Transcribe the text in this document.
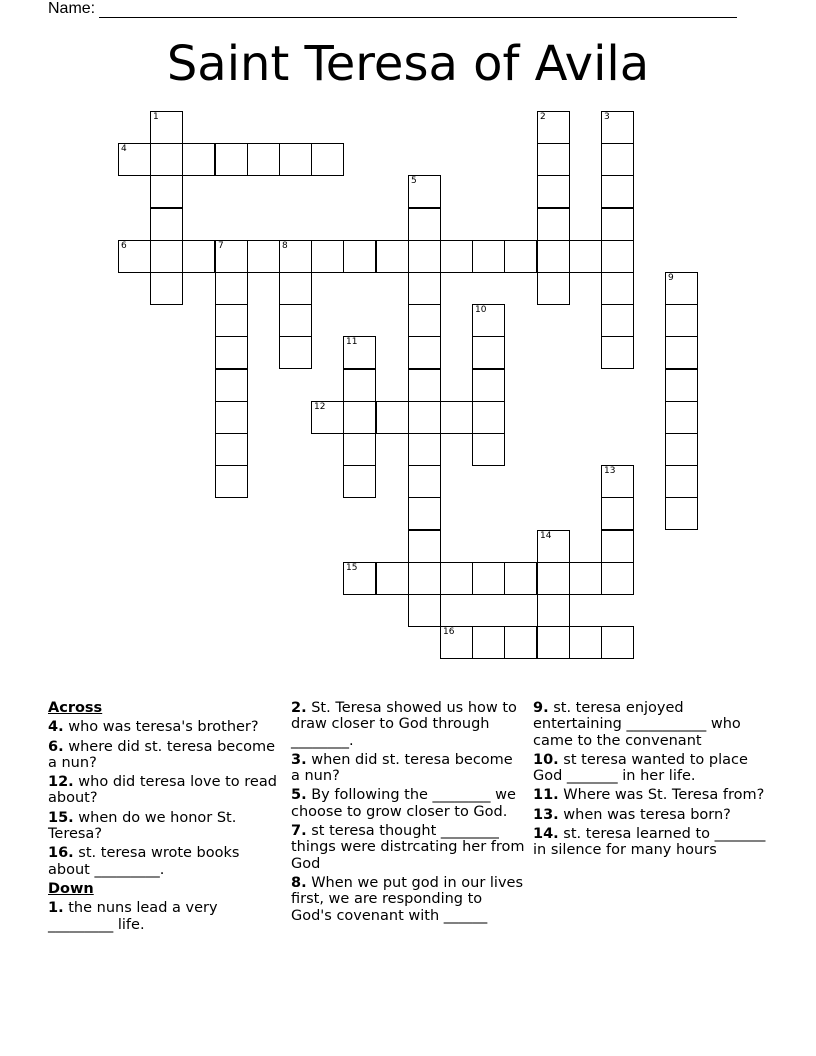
Name:
Saint Teresa of Avila
1	2	3
4
5
6	7	8
9
10
11
12
13
14
15
16
Across
4. who was teresa's brother?
6. where did st. teresa become a nun?
12. who did teresa love to read about?
15. when do we honor St. Teresa?
16. st. teresa wrote books about _________.
Down
1. the nuns lead a very _________ life.
2. St. Teresa showed us how to draw closer to God through ________.
3. when did st. teresa become a nun?
5. By following the ________ we choose to grow closer to God.
7. st teresa thought ________ things were distrcating her from God
8. When we put god in our lives first, we are responding to God's covenant with ______
9. st. teresa enjoyed entertaining ___________ who came to the convenant
10. st teresa wanted to place God _______ in her life.
11. Where was St. Teresa from?
13. when was teresa born?
14. st. teresa learned to _______ in silence for many hours
